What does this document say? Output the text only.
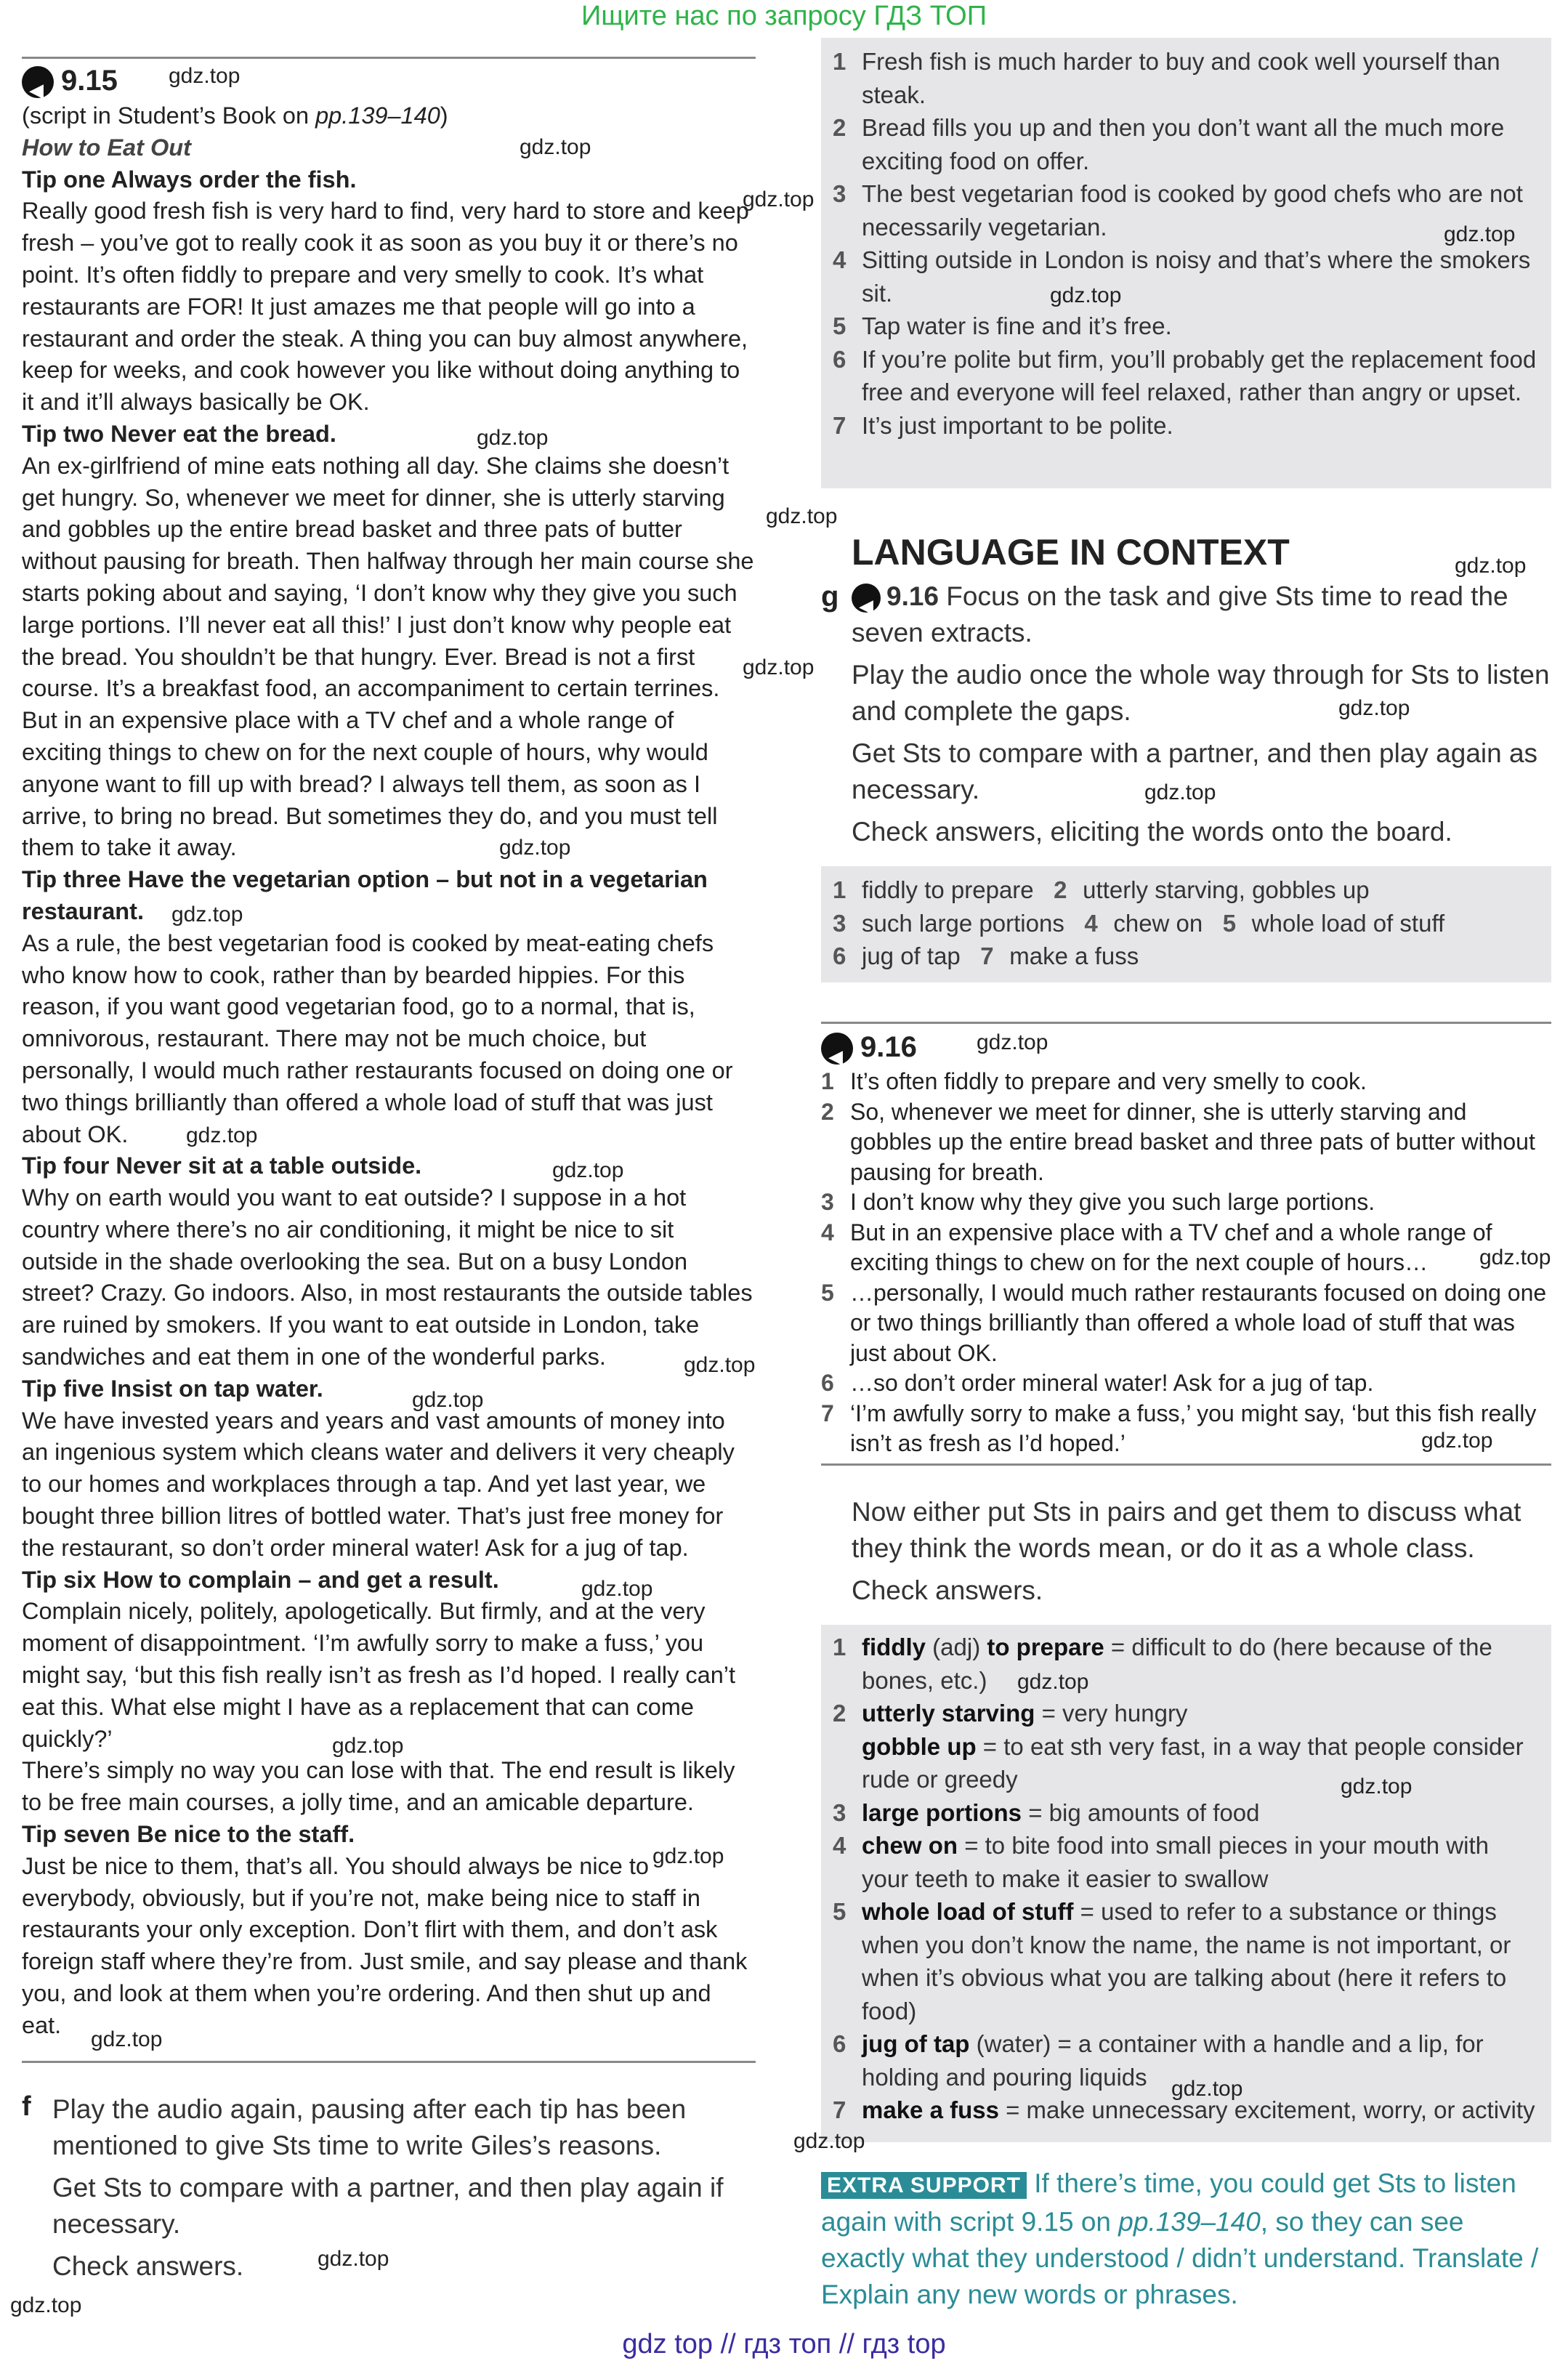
Ищите нас по запросу ГДЗ ТОП
◀9.15
(script in Student’s Book on pp.139–140)
How to Eat Out

Tip one Always order the fish.

Really good fresh fish is very hard to find, very hard to store and keep fresh – you’ve got to really cook it as soon as you buy it or there’s no point. It’s often fiddly to prepare and very smelly to cook. It’s what restaurants are FOR! It just amazes me that people will go into a restaurant and order the steak. A thing you can buy almost anywhere, keep for weeks, and cook however you like without doing anything to it and it’ll always basically be OK.

Tip two Never eat the bread.

An ex-girlfriend of mine eats nothing all day. She claims she doesn’t get hungry. So, whenever we meet for dinner, she is utterly starving and gobbles up the entire bread basket and three pats of butter without pausing for breath. Then halfway through her main course she starts poking about and saying, ‘I don’t know why they give you such large portions. I’ll never eat all this!’ I just don’t know why people eat the bread. You shouldn’t be that hungry. Ever. Bread is not a first course. It’s a breakfast food, an accompaniment to certain terrines. But in an expensive place with a TV chef and a whole range of exciting things to chew on for the next couple of hours, why would anyone want to fill up with bread? I always tell them, as soon as I arrive, to bring no bread. But sometimes they do, and you must tell them to take it away.

Tip three Have the vegetarian option – but not in a vegetarian restaurant.

As a rule, the best vegetarian food is cooked by meat-eating chefs who know how to cook, rather than by bearded hippies. For this reason, if you want good vegetarian food, go to a normal, that is, omnivorous, restaurant. There may not be much choice, but personally, I would much rather restaurants focused on doing one or two things brilliantly than offered a whole load of stuff that was just about OK.

Tip four Never sit at a table outside.

Why on earth would you want to eat outside? I suppose in a hot country where there’s no air conditioning, it might be nice to sit outside in the shade overlooking the sea. But on a busy London street? Crazy. Go indoors. Also, in most restaurants the outside tables are ruined by smokers. If you want to eat outside in London, take sandwiches and eat them in one of the wonderful parks.

Tip five Insist on tap water.

We have invested years and years and vast amounts of money into an ingenious system which cleans water and delivers it very cheaply to our homes and workplaces through a tap. And yet last year, we bought three billion litres of bottled water. That’s just free money for the restaurant, so don’t order mineral water! Ask for a jug of tap.

Tip six How to complain – and get a result.

Complain nicely, politely, apologetically. But firmly, and at the very moment of disappointment. ‘I’m awfully sorry to make a fuss,’ you might say, ‘but this fish really isn’t as fresh as I’d hoped. I really can’t eat this. What else might I have as a replacement that can come quickly?’

There’s simply no way you can lose with that. The end result is likely to be free main courses, a jolly time, and an amicable departure.

Tip seven Be nice to the staff.

Just be nice to them, that’s all. You should always be nice to everybody, obviously, but if you’re not, make being nice to staff in restaurants your only exception. Don’t flirt with them, and don’t ask foreign staff where they’re from. Just smile, and say please and thank you, and look at them when you’re ordering. And then shut up and eat.

f Play the audio again, pausing after each tip has been mentioned to give Sts time to write Giles’s reasons.

Get Sts to compare with a partner, and then play again if necessary.

Check answers.

1 Fresh fish is much harder to buy and cook well yourself than steak.
2 Bread fills you up and then you don’t want all the much more exciting food on offer.
3 The best vegetarian food is cooked by good chefs who are not necessarily vegetarian.
4 Sitting outside in London is noisy and that’s where the smokers sit.
5 Tap water is fine and it’s free.
6 If you’re polite but firm, you’ll probably get the replacement food free and everyone will feel relaxed, rather than angry or upset.
7 It’s just important to be polite.
LANGUAGE IN CONTEXT
g

◀	9.16 Focus on the task and give Sts time to read the seven extracts.

Play the audio once the whole way through for Sts to listen and complete the gaps.

Get Sts to compare with a partner, and then play again as necessary.

Check answers, eliciting the words onto the board.

1 fiddly to prepare 2 utterly starving, gobbles up
3 such large portions 4 chew on 5 whole load of stuff
6 jug of tap 7 make a fuss
◀9.16
1 It’s often fiddly to prepare and very smelly to cook.
2 So, whenever we meet for dinner, she is utterly starving and gobbles up the entire bread basket and three pats of butter without pausing for breath.
3 I don’t know why they give you such large portions.
4 But in an expensive place with a TV chef and a whole range of exciting things to chew on for the next couple of hours…
5 …personally, I would much rather restaurants focused on doing one or two things brilliantly than offered a whole load of stuff that was just about OK.
6 …so don’t order mineral water! Ask for a jug of tap.
7 ‘I’m awfully sorry to make a fuss,’ you might say, ‘but this fish really isn’t as fresh as I’d hoped.’

Now either put Sts in pairs and get them to discuss what they think the words mean, or do it as a whole class.

Check answers.

1 fiddly (adj) to prepare = difficult to do (here because of the bones, etc.)
2 utterly starving = very hungry
gobble up = to eat sth very fast, in a way that people consider rude or greedy
3 large portions = big amounts of food
4 chew on = to bite food into small pieces in your mouth with your teeth to make it easier to swallow
5 whole load of stuff = used to refer to a substance or things when you don’t know the name, the name is not important, or when it’s obvious what you are talking about (here it refers to food)
6 jug of tap (water) = a container with a handle and a lip, for holding and pouring liquids
7 make a fuss = make unnecessary excitement, worry, or activity
EXTRA SUPPORT If there’s time, you could get Sts to listen again with script 9.15 on pp.139–140, so they can see exactly what they understood / didn’t understand. Translate / Explain any new words or phrases.
gdz.top
gdz.top
gdz.top
gdz.top
gdz.top
gdz.top
gdz.top
gdz.top
gdz.top
gdz.top
gdz.top
gdz.top
gdz.top
gdz.top
gdz.top
gdz.top
gdz.top
gdz.top
gdz.top
gdz.top
gdz.top
gdz.top
gdz.top
gdz.top
gdz.top
gdz.top
gdz.top
gdz.top
gdz.top
gdz.top
gdz top // гдз топ // гдз top
